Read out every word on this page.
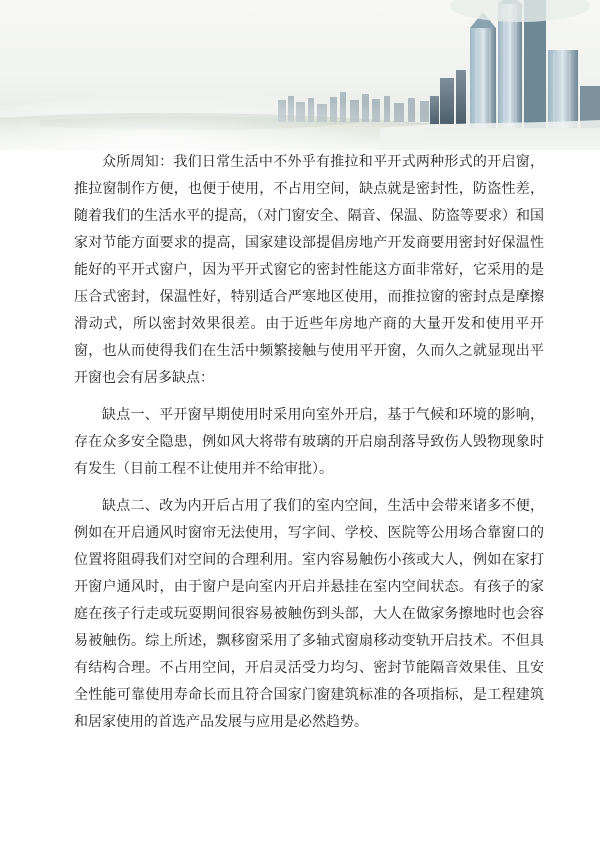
众所周知：我们日常生活中不外乎有推拉和平开式两种形式的开启窗，推拉窗制作方便，也便于使用，不占用空间，缺点就是密封性，防盗性差，随着我们的生活水平的提高，（对门窗安全、隔音、保温、防盗等要求）和国家对节能方面要求的提高，国家建设部提倡房地产开发商要用密封好保温性能好的平开式窗户，因为平开式窗它的密封性能这方面非常好，它采用的是压合式密封，保温性好，特别适合严寒地区使用，而推拉窗的密封点是摩擦滑动式，所以密封效果很差。由于近些年房地产商的大量开发和使用平开窗，也从而使得我们在生活中频繁接触与使用平开窗，久而久之就显现出平开窗也会有居多缺点：

缺点一、平开窗早期使用时采用向室外开启，基于气候和环境的影响，存在众多安全隐患，例如风大将带有玻璃的开启扇刮落导致伤人毁物现象时有发生（目前工程不让使用并不给审批）。

缺点二、改为内开后占用了我们的室内空间，生活中会带来诸多不便，例如在开启通风时窗帘无法使用，写字间、学校、医院等公用场合靠窗口的位置将阻碍我们对空间的合理利用。室内容易触伤小孩或大人，例如在家打开窗户通风时，由于窗户是向室内开启并悬挂在室内空间状态。有孩子的家庭在孩子行走或玩耍期间很容易被触伤到头部，大人在做家务擦地时也会容易被触伤。综上所述，飘移窗采用了多轴式窗扇移动变轨开启技术。不但具有结构合理。不占用空间，开启灵活受力均匀、密封节能隔音效果佳、且安全性能可靠使用寿命长而且符合国家门窗建筑标准的各项指标，是工程建筑和居家使用的首选产品发展与应用是必然趋势。
